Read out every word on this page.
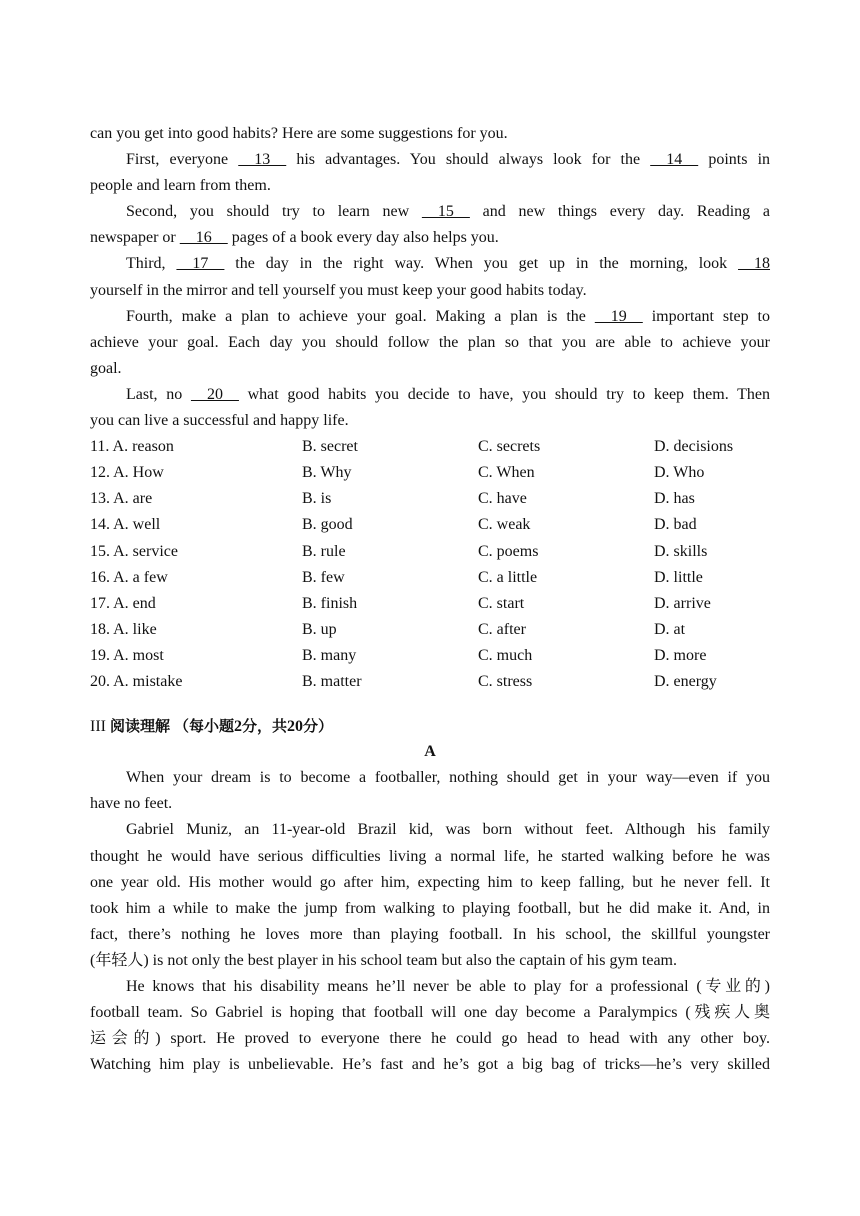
can you get into good habits? Here are some suggestions for you.
First, everyone     13     his advantages. You should always look for the     14     points in
people and learn from them.
Second, you should try to learn new     15     and new things every day. Reading a
newspaper or     16     pages of a book every day also helps you.
Third,     17     the day in the right way. When you get up in the morning, look     18
yourself in the mirror and tell yourself you must keep your good habits today.
Fourth, make a plan to achieve your goal. Making a plan is the     19     important step to
achieve your goal. Each day you should follow the plan so that you are able to achieve your
goal.
Last, no     20     what good habits you decide to have, you should try to keep them. Then
you can live a successful and happy life.
11. A. reason	B. secret	C. secrets	D. decisions
12. A. How	B. Why	C. When	D. Who
13. A. are	B. is	C. have	D. has
14. A. well	B. good	C. weak	D. bad
15. A. service	B. rule	C. poems	D. skills
16. A. a few	B. few	C. a little	D. little
17. A. end	B. finish	C. start	D. arrive
18. A. like	B. up	C. after	D. at
19. A. most	B. many	C. much	D. more
20. A. mistake	B. matter	C. stress	D. energy
III 阅读理解 （每小题2分，共20分）
A
When your dream is to become a footballer, nothing should get in your way—even if you
have no feet.
Gabriel Muniz, an 11-year-old Brazil kid, was born without feet. Although his family
thought he would have serious difficulties living a normal life, he started walking before he was
one year old. His mother would go after him, expecting him to keep falling, but he never fell. It
took him a while to make the jump from walking to playing football, but he did make it. And, in
fact, there’s nothing he loves more than playing football. In his school, the skillful youngster
(年轻人) is not only the best player in his school team but also the captain of his gym team.
He knows that his disability means he’ll never be able to play for a professional (专业的)
football team. So Gabriel is hoping that football will one day become a Paralympics (残疾人奥
运会的) sport. He proved to everyone there he could go head to head with any other boy.
Watching him play is unbelievable. He’s fast and he’s got a big bag of tricks—he’s very skilled
